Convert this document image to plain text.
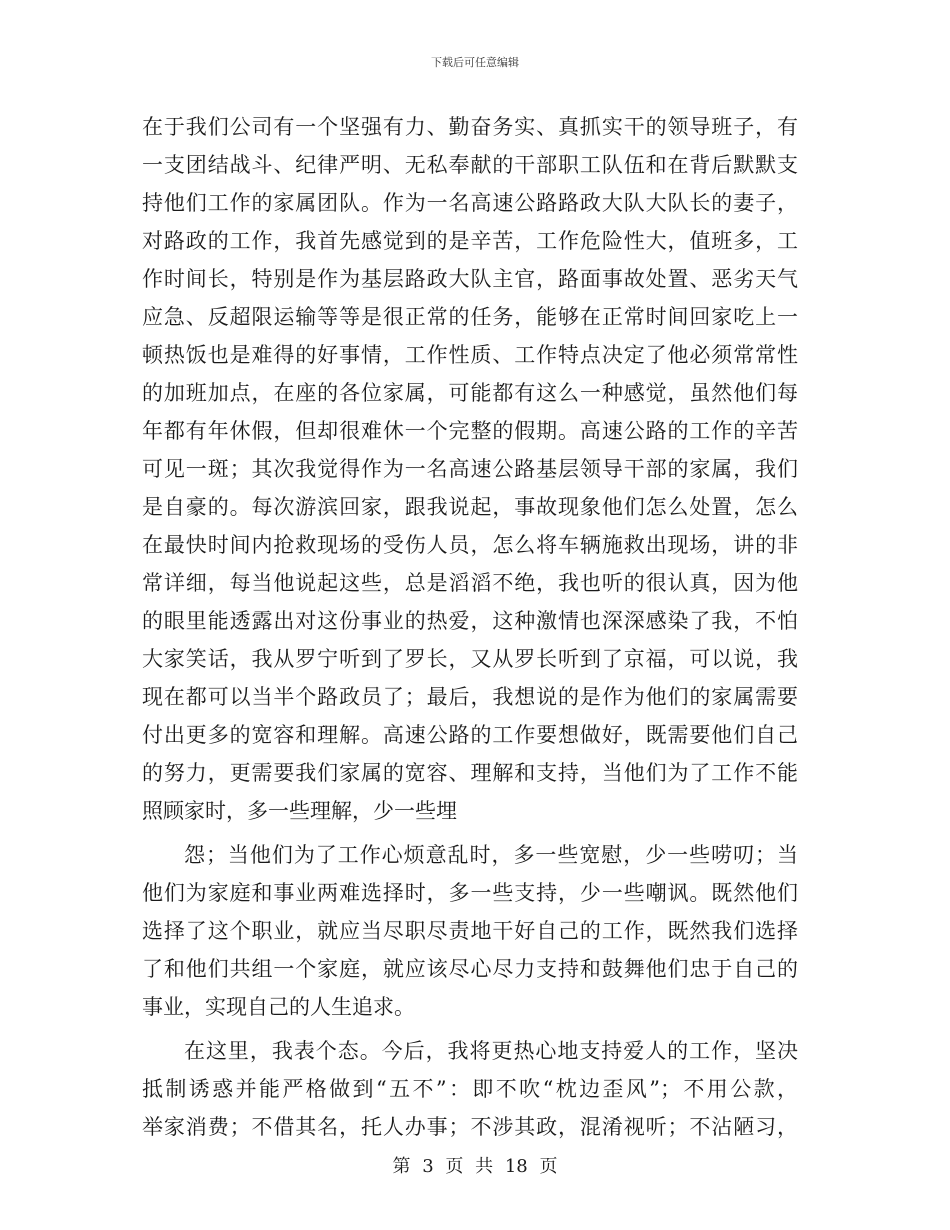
下载后可任意编辑
在于我们公司有一个坚强有力、勤奋务实、真抓实干的领导班子，有
一支团结战斗、纪律严明、无私奉献的干部职工队伍和在背后默默支
持他们工作的家属团队。作为一名高速公路路政大队大队长的妻子，
对路政的工作，我首先感觉到的是辛苦，工作危险性大，值班多，工
作时间长，特别是作为基层路政大队主官，路面事故处置、恶劣天气
应急、反超限运输等等是很正常的任务，能够在正常时间回家吃上一
顿热饭也是难得的好事情，工作性质、工作特点决定了他必须常常性
的加班加点，在座的各位家属，可能都有这么一种感觉，虽然他们每
年都有年休假，但却很难休一个完整的假期。高速公路的工作的辛苦
可见一斑；其次我觉得作为一名高速公路基层领导干部的家属，我们
是自豪的。每次游滨回家，跟我说起，事故现象他们怎么处置，怎么
在最快时间内抢救现场的受伤人员，怎么将车辆施救出现场，讲的非
常详细，每当他说起这些，总是滔滔不绝，我也听的很认真，因为他
的眼里能透露出对这份事业的热爱，这种激情也深深感染了我，不怕
大家笑话，我从罗宁听到了罗长，又从罗长听到了京福，可以说，我
现在都可以当半个路政员了；最后，我想说的是作为他们的家属需要
付出更多的宽容和理解。高速公路的工作要想做好，既需要他们自己
的努力，更需要我们家属的宽容、理解和支持，当他们为了工作不能
照顾家时，多一些理解，少一些埋
怨；当他们为了工作心烦意乱时，多一些宽慰，少一些唠叨；当
他们为家庭和事业两难选择时，多一些支持，少一些嘲讽。既然他们
选择了这个职业，就应当尽职尽责地干好自己的工作，既然我们选择
了和他们共组一个家庭，就应该尽心尽力支持和鼓舞他们忠于自己的
事业，实现自己的人生追求。
在这里，我表个态。今后，我将更热心地支持爱人的工作，坚决
抵制诱惑并能严格做到“五不”：即不吹“枕边歪风”；不用公款，
举家消费；不借其名，托人办事；不涉其政，混淆视听；不沾陋习，
第 3 页 共 18 页
